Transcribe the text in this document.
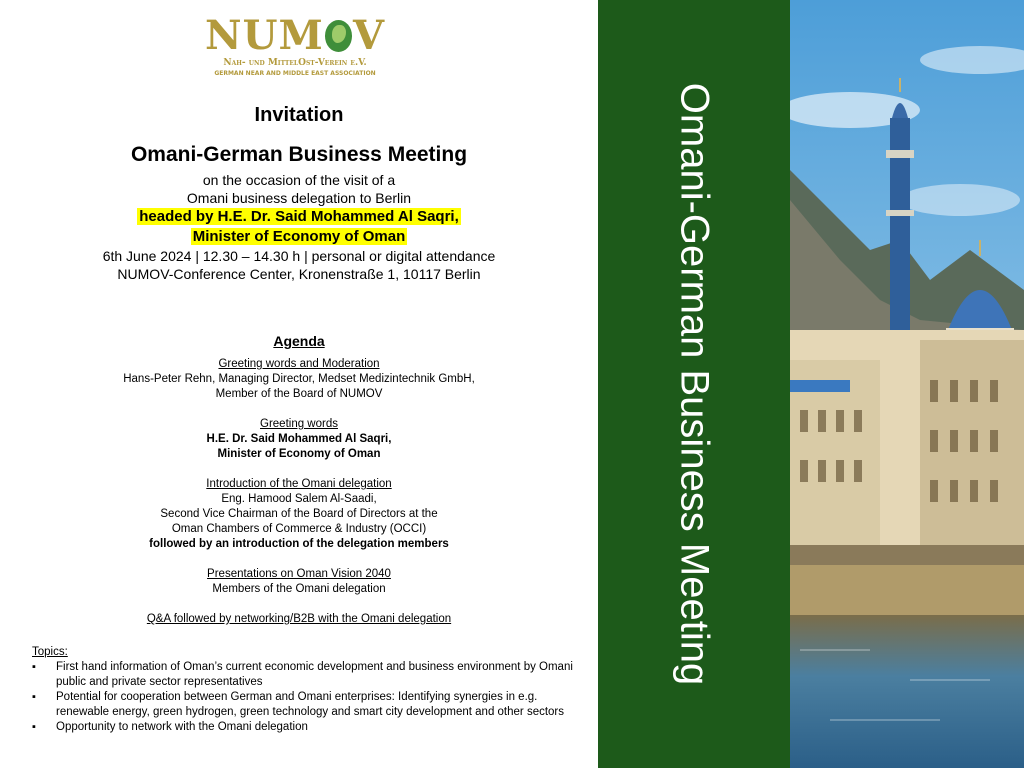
NUM V
Nah- und MittelOst-Verein e.V.
GERMAN NEAR AND MIDDLE EAST ASSOCIATION
Invitation
Omani-German Business Meeting
on the occasion of the visit of a
Omani business delegation to Berlin
headed by H.E. Dr. Said Mohammed Al Saqri,
Minister of Economy of Oman
6th June 2024 | 12.30 – 14.30 h | personal or digital attendance
NUMOV-Conference Center, Kronenstraße 1, 10117 Berlin
Agenda
Greeting words and Moderation
Hans-Peter Rehn, Managing Director, Medset Medizintechnik GmbH,
Member of the Board of NUMOV
Greeting words
H.E. Dr. Said Mohammed Al Saqri,
Minister of Economy of Oman
Introduction of the Omani delegation
Eng. Hamood Salem Al-Saadi,
Second Vice Chairman of the Board of Directors at the
Oman Chambers of Commerce & Industry (OCCI)
followed by an introduction of the delegation members
Presentations on Oman Vision 2040
Members of the Omani delegation
Q&A followed by networking/B2B with the Omani delegation
Topics:
▪ First hand information of Oman’s current economic development and business environment by Omani public and private sector representatives
▪ Potential for cooperation between German and Omani enterprises: Identifying synergies in e.g. renewable energy, green hydrogen, green technology and smart city development and other sectors
▪ Opportunity to network with the Omani delegation
Omani-German Business Meeting
